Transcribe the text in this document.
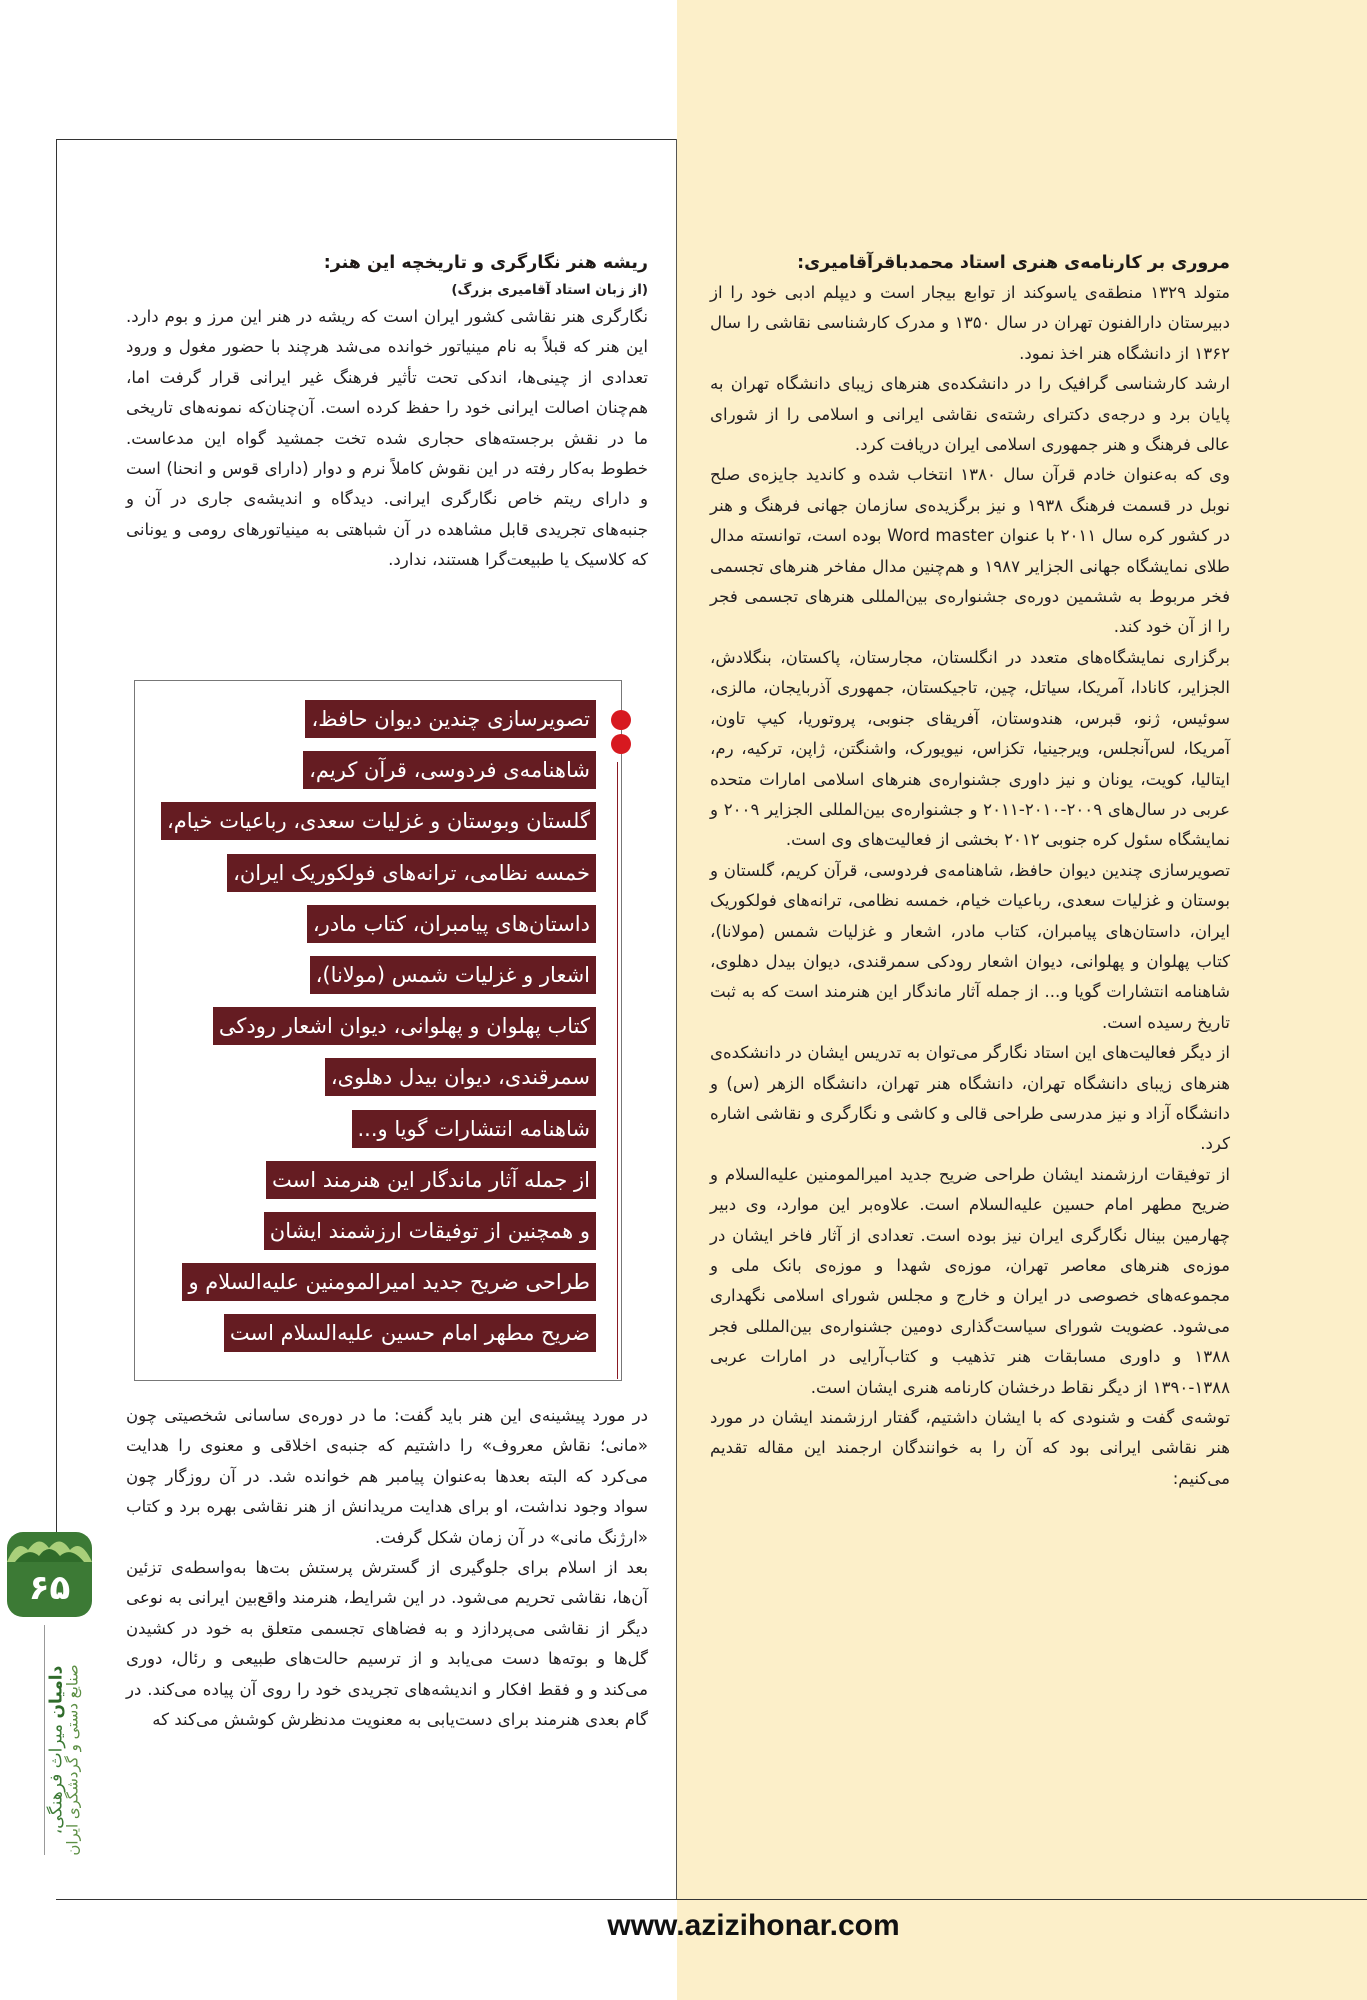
مروری بر کارنامه‌ی هنری استاد محمدباقرآقامیری:

متولد ۱۳۲۹ منطقه‌ی یاسوکند از توابع بیجار است و دیپلم ادبی خود را از دبیرستان دارالفنون تهران در سال ۱۳۵۰ و مدرک کارشناسی نقاشی را سال ۱۳۶۲ از دانشگاه هنر اخذ نمود.

ارشد کارشناسی گرافیک را در دانشکده‌ی هنرهای زیبای دانشگاه تهران به پایان برد و درجه‌ی دکترای رشته‌ی نقاشی ایرانی و اسلامی را از شورای عالی فرهنگ و هنر جمهوری اسلامی ایران دریافت کرد.

وی که به‌عنوان خادم قرآن سال ۱۳۸۰ انتخاب شده و کاندید جایزه‌ی صلح نوبل در قسمت فرهنگ ۱۹۳۸ و نیز برگزیده‌ی سازمان جهانی فرهنگ و هنر در کشور کره سال ۲۰۱۱ با عنوان Word master بوده است، توانسته مدال طلای نمایشگاه جهانی الجزایر ۱۹۸۷ و هم‌چنین مدال مفاخر هنرهای تجسمی فخر مربوط به ششمین دوره‌ی جشنواره‌ی بین‌المللی هنرهای تجسمی فجر را از آن خود کند.

برگزاری نمایشگاه‌های متعدد در انگلستان، مجارستان، پاکستان، بنگلادش، الجزایر، کانادا، آمریکا، سیاتل، چین، تاجیکستان، جمهوری آذربایجان، مالزی، سوئیس، ژنو، قبرس، هندوستان، آفریقای جنوبی، پروتوریا، کیپ تاون، آمریکا، لس‌آنجلس، ویرجینیا، تکزاس، نیویورک، واشنگتن، ژاپن، ترکیه، رم، ایتالیا، کویت، یونان و نیز داوری جشنواره‌ی هنرهای اسلامی امارات متحده عربی در سال‌های ۲۰۰۹-۲۰۱۰-۲۰۱۱ و جشنواره‌ی بین‌المللی الجزایر ۲۰۰۹ و نمایشگاه سئول کره جنوبی ۲۰۱۲ بخشی از فعالیت‌های وی است.

تصویرسازی چندین دیوان حافظ، شاهنامه‌ی فردوسی، قرآن کریم، گلستان و بوستان و غزلیات سعدی، رباعیات خیام، خمسه نظامی، ترانه‌های فولکوریک ایران، داستان‌های پیامبران، کتاب مادر، اشعار و غزلیات شمس (مولانا)، کتاب پهلوان و پهلوانی، دیوان اشعار رودکی سمرقندی، دیوان بیدل دهلوی، شاهنامه انتشارات گویا و... از جمله آثار ماندگار این هنرمند است که به ثبت تاریخ رسیده است.

از دیگر فعالیت‌های این استاد نگارگر می‌توان به تدریس ایشان در دانشکده‌ی هنرهای زیبای دانشگاه تهران، دانشگاه هنر تهران، دانشگاه الزهر (س) و دانشگاه آزاد و نیز مدرسی طراحی قالی و کاشی و نگارگری و نقاشی اشاره کرد.

از توفیقات ارزشمند ایشان طراحی ضریح جدید امیرالمومنین علیه‌السلام و ضریح مطهر امام حسین علیه‌السلام است. علاوه‌بر این موارد، وی دبیر چهارمین بینال نگارگری ایران نیز بوده است. تعدادی از آثار فاخر ایشان در موزه‌ی هنرهای معاصر تهران، موزه‌ی شهدا و موزه‌ی بانک ملی و مجموعه‌های خصوصی در ایران و خارج و مجلس شورای اسلامی نگهداری می‌شود. عضویت شورای سیاست‌گذاری دومین جشنواره‌ی بین‌المللی فجر ۱۳۸۸ و داوری مسابقات هنر تذهیب و کتاب‌آرایی در امارات عربی ۱۳۸۸-۱۳۹۰ از دیگر نقاط درخشان کارنامه هنری ایشان است.

توشه‌ی گفت و شنودی که با ایشان داشتیم، گفتار ارزشمند ایشان در مورد هنر نقاشی ایرانی بود که آن را به خوانندگان ارجمند این مقاله تقدیم می‌کنیم:

ریشه هنر نگارگری و تاریخچه این هنر:

(از زبان استاد آقامیری بزرگ)

نگارگری هنر نقاشی کشور ایران است که ریشه در هنر این مرز و بوم دارد. این هنر که قبلاً به نام مینیاتور خوانده می‌شد هرچند با حضور مغول و ورود تعدادی از چینی‌ها، اندکی تحت تأثیر فرهنگ غیر ایرانی قرار گرفت اما، هم‌چنان اصالت ایرانی خود را حفظ کرده است. آن‌چنان‌که نمونه‌های تاریخی ما در نقش برجسته‌های حجاری شده تخت جمشید گواه این مدعاست. خطوط به‌کار رفته در این نقوش کاملاً نرم و دوار (دارای قوس و انحنا) است و دارای ریتم خاص نگارگری ایرانی. دیدگاه و اندیشه‌ی جاری در آن و جنبه‌های تجریدی قابل مشاهده در آن شباهتی به مینیاتورهای رومی و یونانی که کلاسیک یا طبیعت‌گرا هستند، ندارد.

تصویرسازی چندین دیوان حافظ،
شاهنامه‌ی فردوسی، قرآن کریم،
گلستان وبوستان و غزلیات سعدی، رباعیات خیام،
خمسه نظامی، ترانه‌های فولکوریک ایران،
داستان‌های پیامبران، کتاب مادر،
اشعار و غزلیات شمس (مولانا)،
کتاب پهلوان و پهلوانی، دیوان اشعار رودکی
سمرقندی، دیوان بیدل دهلوی،
شاهنامه انتشارات گویا و...
از جمله آثار ماندگار این هنرمند است
و همچنین از توفیقات ارزشمند ایشان
طراحی ضریح جدید امیرالمومنین علیه‌السلام و
ضریح مطهر امام حسین علیه‌السلام است

در مورد پیشینه‌ی این هنر باید گفت: ما در دوره‌ی ساسانی شخصیتی چون «مانی؛ نقاش معروف» را داشتیم که جنبه‌ی اخلاقی و معنوی را هدایت می‌کرد که البته بعدها به‌عنوان پیامبر هم خوانده شد. در آن روزگار چون سواد وجود نداشت، او برای هدایت مریدانش از هنر نقاشی بهره برد و کتاب «ارژنگ مانی» در آن زمان شکل گرفت.

بعد از اسلام برای جلوگیری از گسترش پرستش بت‌ها به‌واسطه‌ی تزئین آن‌ها، نقاشی تحریم می‌شود. در این شرایط، هنرمند واقع‌بین ایرانی به نوعی دیگر از نقاشی می‌پردازد و به فضاهای تجسمی متعلق به خود در کشیدن گل‌ها و بوته‌ها دست می‌یابد و از ترسیم حالت‌های طبیعی و رئال، دوری می‌کند و و فقط افکار و اندیشه‌های تجریدی خود را روی آن پیاده می‌کند. در گام بعدی هنرمند برای دست‌یابی به معنویت مدنظرش کوشش می‌کند که

۶۵
دامیان میراث فرهنگی،
صنایع دستی و گردشگری ایران
www.azizihonar.com
